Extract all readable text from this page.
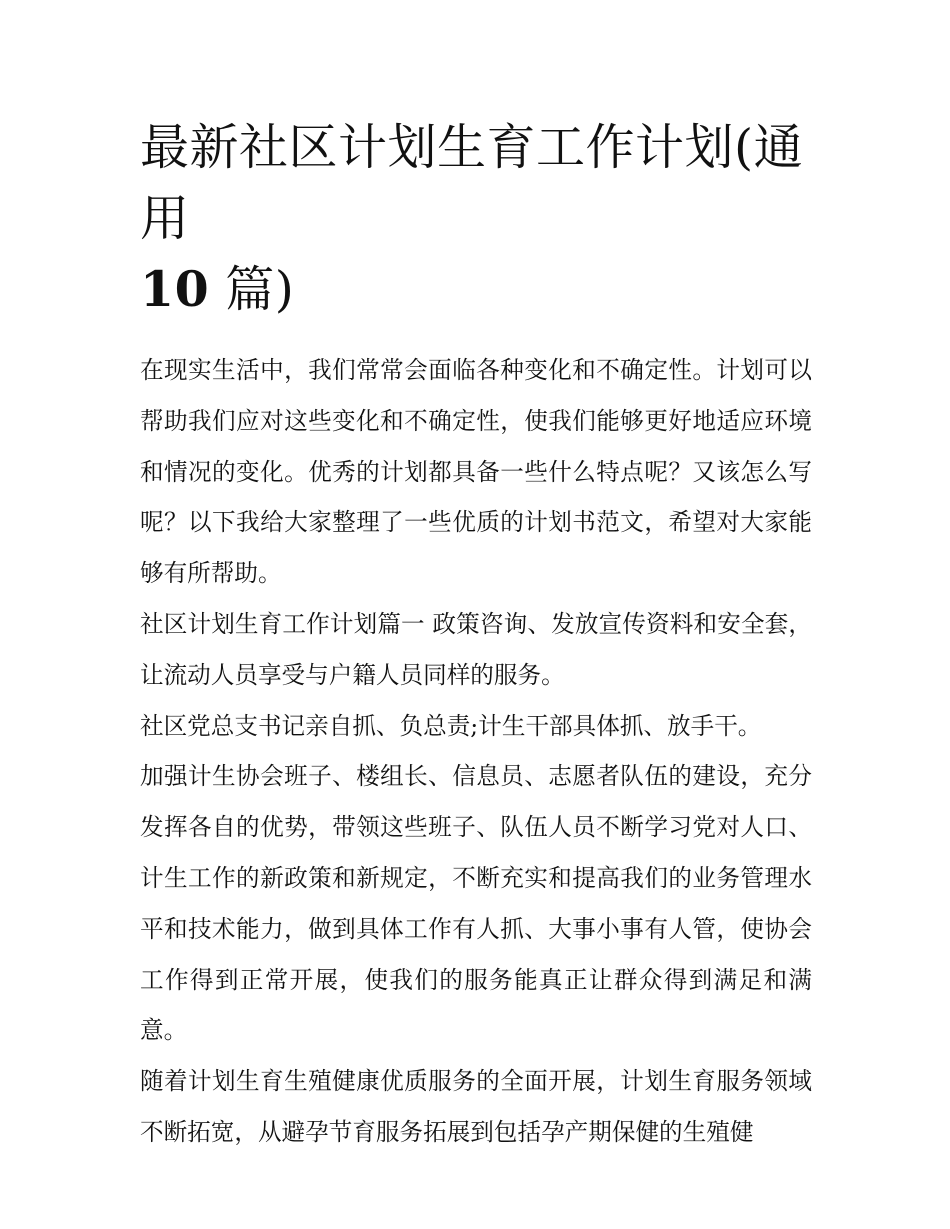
最新社区计划生育工作计划(通用
10 篇)

在现实生活中，我们常常会面临各种变化和不确定性。计划可以帮助我们应对这些变化和不确定性，使我们能够更好地适应环境和情况的变化。优秀的计划都具备一些什么特点呢？又该怎么写呢？以下我给大家整理了一些优质的计划书范文，希望对大家能够有所帮助。

社区计划生育工作计划篇一 政策咨询、发放宣传资料和安全套，让流动人员享受与户籍人员同样的服务。

社区党总支书记亲自抓、负总责;计生干部具体抓、放手干。

加强计生协会班子、楼组长、信息员、志愿者队伍的建设，充分发挥各自的优势，带领这些班子、队伍人员不断学习党对人口、计生工作的新政策和新规定，不断充实和提高我们的业务管理水平和技术能力，做到具体工作有人抓、大事小事有人管，使协会工作得到正常开展，使我们的服务能真正让群众得到满足和满意。

随着计划生育生殖健康优质服务的全面开展，计划生育服务领域不断拓宽，从避孕节育服务拓展到包括孕产期保健的生殖健
